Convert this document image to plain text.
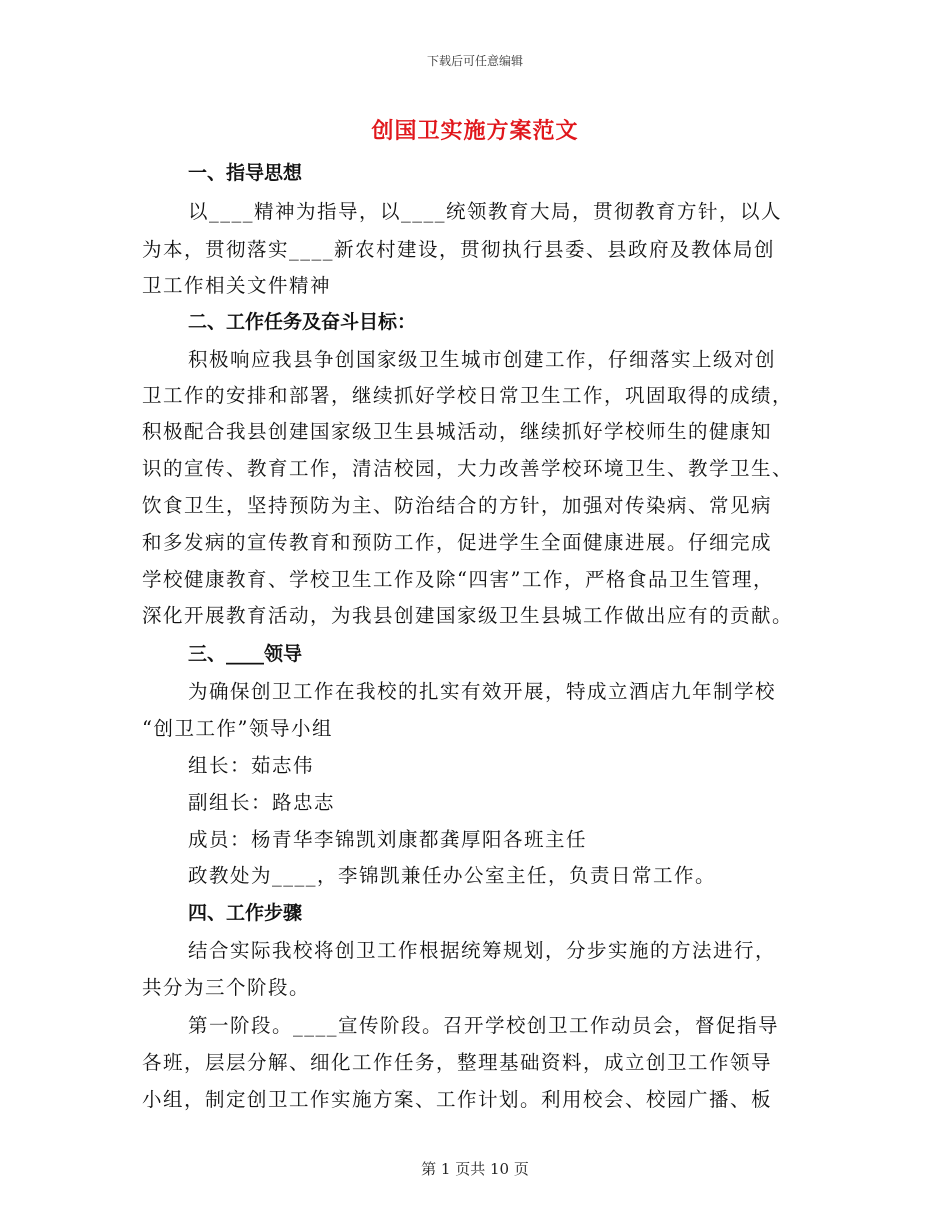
下载后可任意编辑
创国卫实施方案范文
一、指导思想
以____精神为指导，以____统领教育大局，贯彻教育方针，以人
为本，贯彻落实____新农村建设，贯彻执行县委、县政府及教体局创
卫工作相关文件精神
二、工作任务及奋斗目标：
积极响应我县争创国家级卫生城市创建工作，仔细落实上级对创
卫工作的安排和部署，继续抓好学校日常卫生工作，巩固取得的成绩，
积极配合我县创建国家级卫生县城活动，继续抓好学校师生的健康知
识的宣传、教育工作，清洁校园，大力改善学校环境卫生、教学卫生、
饮食卫生，坚持预防为主、防治结合的方针，加强对传染病、常见病
和多发病的宣传教育和预防工作，促进学生全面健康进展。仔细完成
学校健康教育、学校卫生工作及除“四害”工作，严格食品卫生管理，
深化开展教育活动，为我县创建国家级卫生县城工作做出应有的贡献。
三、____领导
为确保创卫工作在我校的扎实有效开展，特成立酒店九年制学校
“创卫工作”领导小组
组长：茹志伟
副组长：路忠志
成员：杨青华李锦凯刘康都龚厚阳各班主任
政教处为____，李锦凯兼任办公室主任，负责日常工作。
四、工作步骤
结合实际我校将创卫工作根据统筹规划，分步实施的方法进行，
共分为三个阶段。
第一阶段。____宣传阶段。召开学校创卫工作动员会，督促指导
各班，层层分解、细化工作任务，整理基础资料，成立创卫工作领导
小组，制定创卫工作实施方案、工作计划。利用校会、校园广播、板
第 1 页共 10 页
